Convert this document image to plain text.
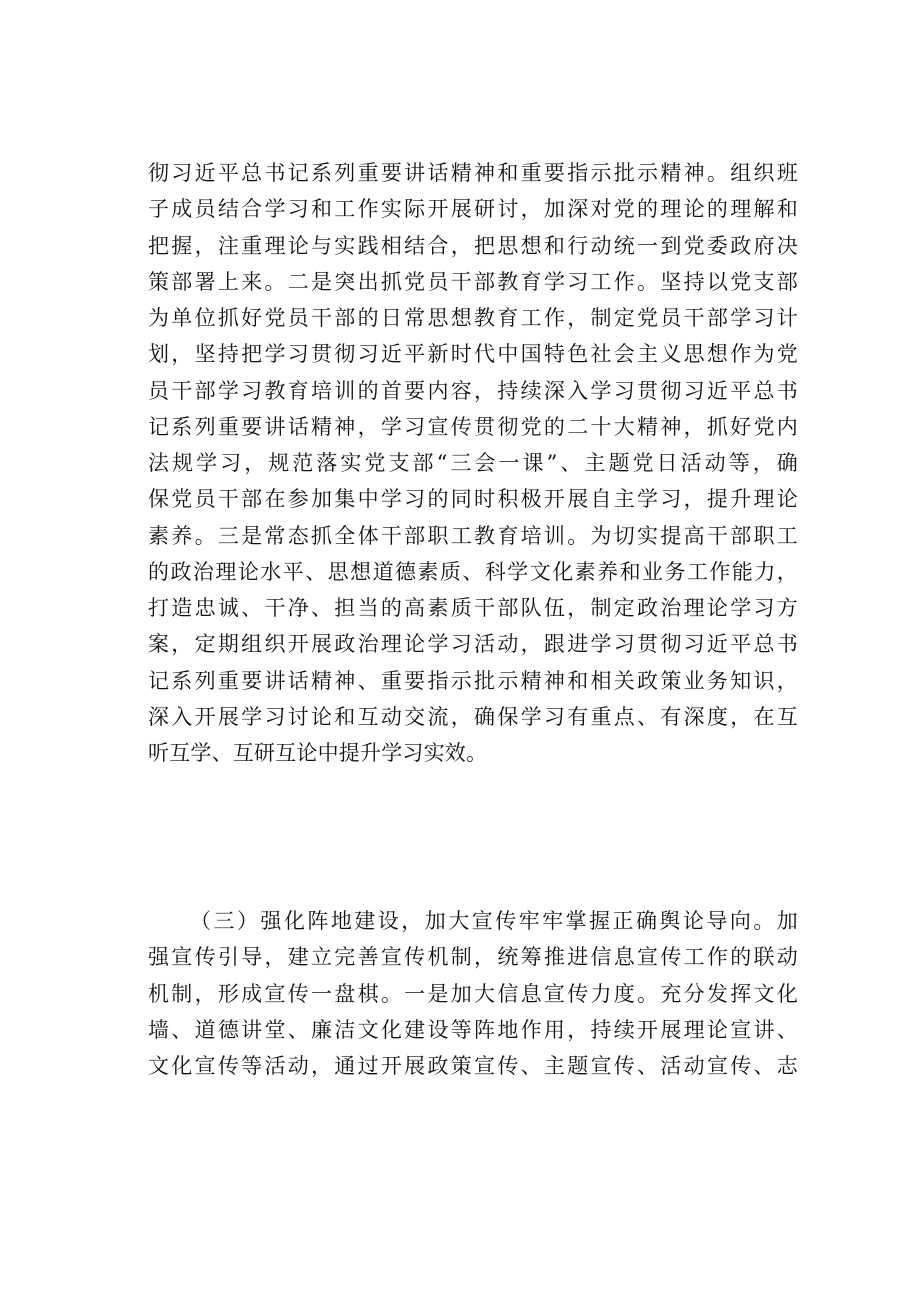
彻习近平总书记系列重要讲话精神和重要指示批示精神。组织班
子成员结合学习和工作实际开展研讨，加深对党的理论的理解和
把握，注重理论与实践相结合，把思想和行动统一到党委政府决
策部署上来。二是突出抓党员干部教育学习工作。坚持以党支部
为单位抓好党员干部的日常思想教育工作，制定党员干部学习计
划，坚持把学习贯彻习近平新时代中国特色社会主义思想作为党
员干部学习教育培训的首要内容，持续深入学习贯彻习近平总书
记系列重要讲话精神，学习宣传贯彻党的二十大精神，抓好党内
法规学习，规范落实党支部“三会一课”、主题党日活动等，确
保党员干部在参加集中学习的同时积极开展自主学习，提升理论
素养。三是常态抓全体干部职工教育培训。为切实提高干部职工
的政治理论水平、思想道德素质、科学文化素养和业务工作能力，
打造忠诚、干净、担当的高素质干部队伍，制定政治理论学习方
案，定期组织开展政治理论学习活动，跟进学习贯彻习近平总书
记系列重要讲话精神、重要指示批示精神和相关政策业务知识，
深入开展学习讨论和互动交流，确保学习有重点、有深度，在互
听互学、互研互论中提升学习实效。
（三）强化阵地建设，加大宣传牢牢掌握正确舆论导向。加
强宣传引导，建立完善宣传机制，统筹推进信息宣传工作的联动
机制，形成宣传一盘棋。一是加大信息宣传力度。充分发挥文化
墙、道德讲堂、廉洁文化建设等阵地作用，持续开展理论宣讲、
文化宣传等活动，通过开展政策宣传、主题宣传、活动宣传、志
